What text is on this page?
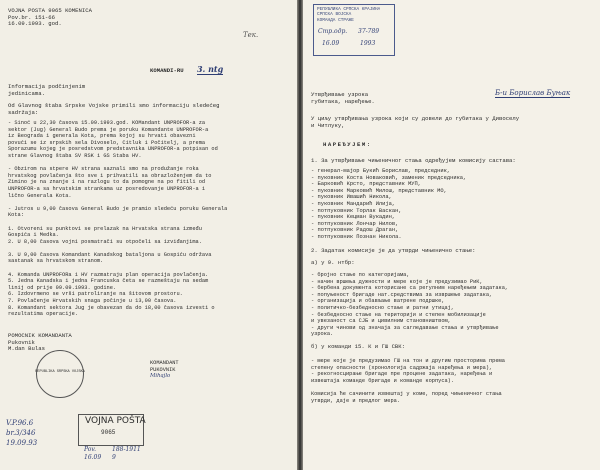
VOJNA POŠTA 9065 KOMENICA
Pov.br. 151-66
16.09.1993. god.
Тек.
KOMANDI-RU 3. ntg
Informacija podčinjenim
jedinicama.
Od Glavnog štaba Srpske Vojske primili smo informaciju sledećeg
sadržaja:
- Sinoć u 22,30 časova 15.09.1993.god. KOMandant UNPROFOR-a za
sektor (Jug) General Budo prema je poruku Komandante UNPROFOR-a
iz Beograda i generala Kota, prema kojoj su hrvati obavezni
povući se iz srpskih sela Divoselo, Čitluk i Počitelj, a prema
Sporazumu kojeg je posredstvom predstavnika UNPROFOR-a potpisan od
strane Glavnog štaba SV RSK i GŠ Štaba HV.
- Obzirom na stpere HV strana saznali smo na produžanje roka
hrvatskog povlačenja što sve i prihvatili sa obrazloženjem da to
Zimino je na znanje i na razlogu to da pomogne na po fitili od
UNPROFOR-a sa hrvatskim strankama uz posredovanje UNPROFOR-a i
lično Generala Kota.
- Jutros u 9,00 časova General Budo je pramio sledeću poruku Generala
Kota:
1. Otvoreni su punktovi se prelazak na Hrvatska strana između
Gospića i Medka.
2. U 8,00 časova vojni posmatrači su otpočeli sa izviđanjima.
3. U 9,00 časova Komandant Kanadskog bataljona u Gospiću održava
sastanak sa hrvatskom stranom.
4. Komanda UNPROFORa i HV razmatraju plan operacija povlačenja.
5. Jedna Kanadska i jedna Francuska četa se razmeštaju na sedam
linij od prije 09.09.1993. godine.
6. Izdovrmeno se vrši patroliranje na šitovom prostoru.
7. Povlačenje Hrvatskih snaga počinje u 13,00 časova.
8. Komandant sektora Jug je obavezan da do 18,00 časova izvesti o
rezultatima operacije.
POMOĆNIK KOMANDANTA
Pukovnik
M.dan Bulas
REPUBLIKA SRPSKA VOJSKA
KOMANDANT
PUKOVNIK
Mihajlo
V.P.96.6
br.3/346
19.09.93
VOJNA POŠTA
9065
Pov.
16.09
188-1911
9
РЕПУБЛИКА СРПСКА КРАЈИНА
СРПСКА ВОЈСКА
КОМАНДА СТРАЖЕ
Стр.одр. 37-789
16.09	1993
Б-и Борислав Буњак
Утврђивање узрока
губитака, наређење.
У циљу утврђивања узрока који су довели до губитака у Дивоселу
и Читлуку,
НАРЕЂУЈЕМ:
1. За утврђивање чињеничног стања одређујем комисију састава:
- генерал-мајор Букић Борислав, председник,
- пуковник Коста Новаковић, заменик председника,
- Барковић Крсто, представник МУП,
- пуковник Марковић Милош, представник МО,
- пуковник Ивашић Никола,
- пуковник Мандарић Илија,
- потпуковник Торлак Васкан,
- пуковник Кецман Вукадин,
- потпуковник Лончар Нилов,
- потпуковник Радош Драган,
- потпуковник Познан Никола.
2. Задатак комисије је да утврди чињенично стање:
а) у 9. нтбр:
- бројно стање по категоријама,
- начин вршења дужности и мере које је предузимао РиК,
- бербена документа которисанe са регулним наређењем задатака,
- попуњеност бригаде нат.средствима за извршење задатака,
- организација и обављање ватрене подршке,
- политичко-безбедносно стање и ратни утицај,
- безбедносно стање на територији и степен мобилизације
и увезаност са СЈБ и цивилним становништвом,
- други чинови од значаја за сагледавање стања и утврђивање
узрока.
б) у команди 15. К и ГШ СВК:
- мере које је предузимао ГШ на тон и другим просторима према
степену опасности (хронологија садржаја наређења и мера),
- рекогносцирање бригаде пре процене задатака, наређења и
извештаја команде бригаде и команде корпуса).
Комисија ће сачинити извештај у коме, поред чињеничног стања
утврди, даје и предлог мера.
